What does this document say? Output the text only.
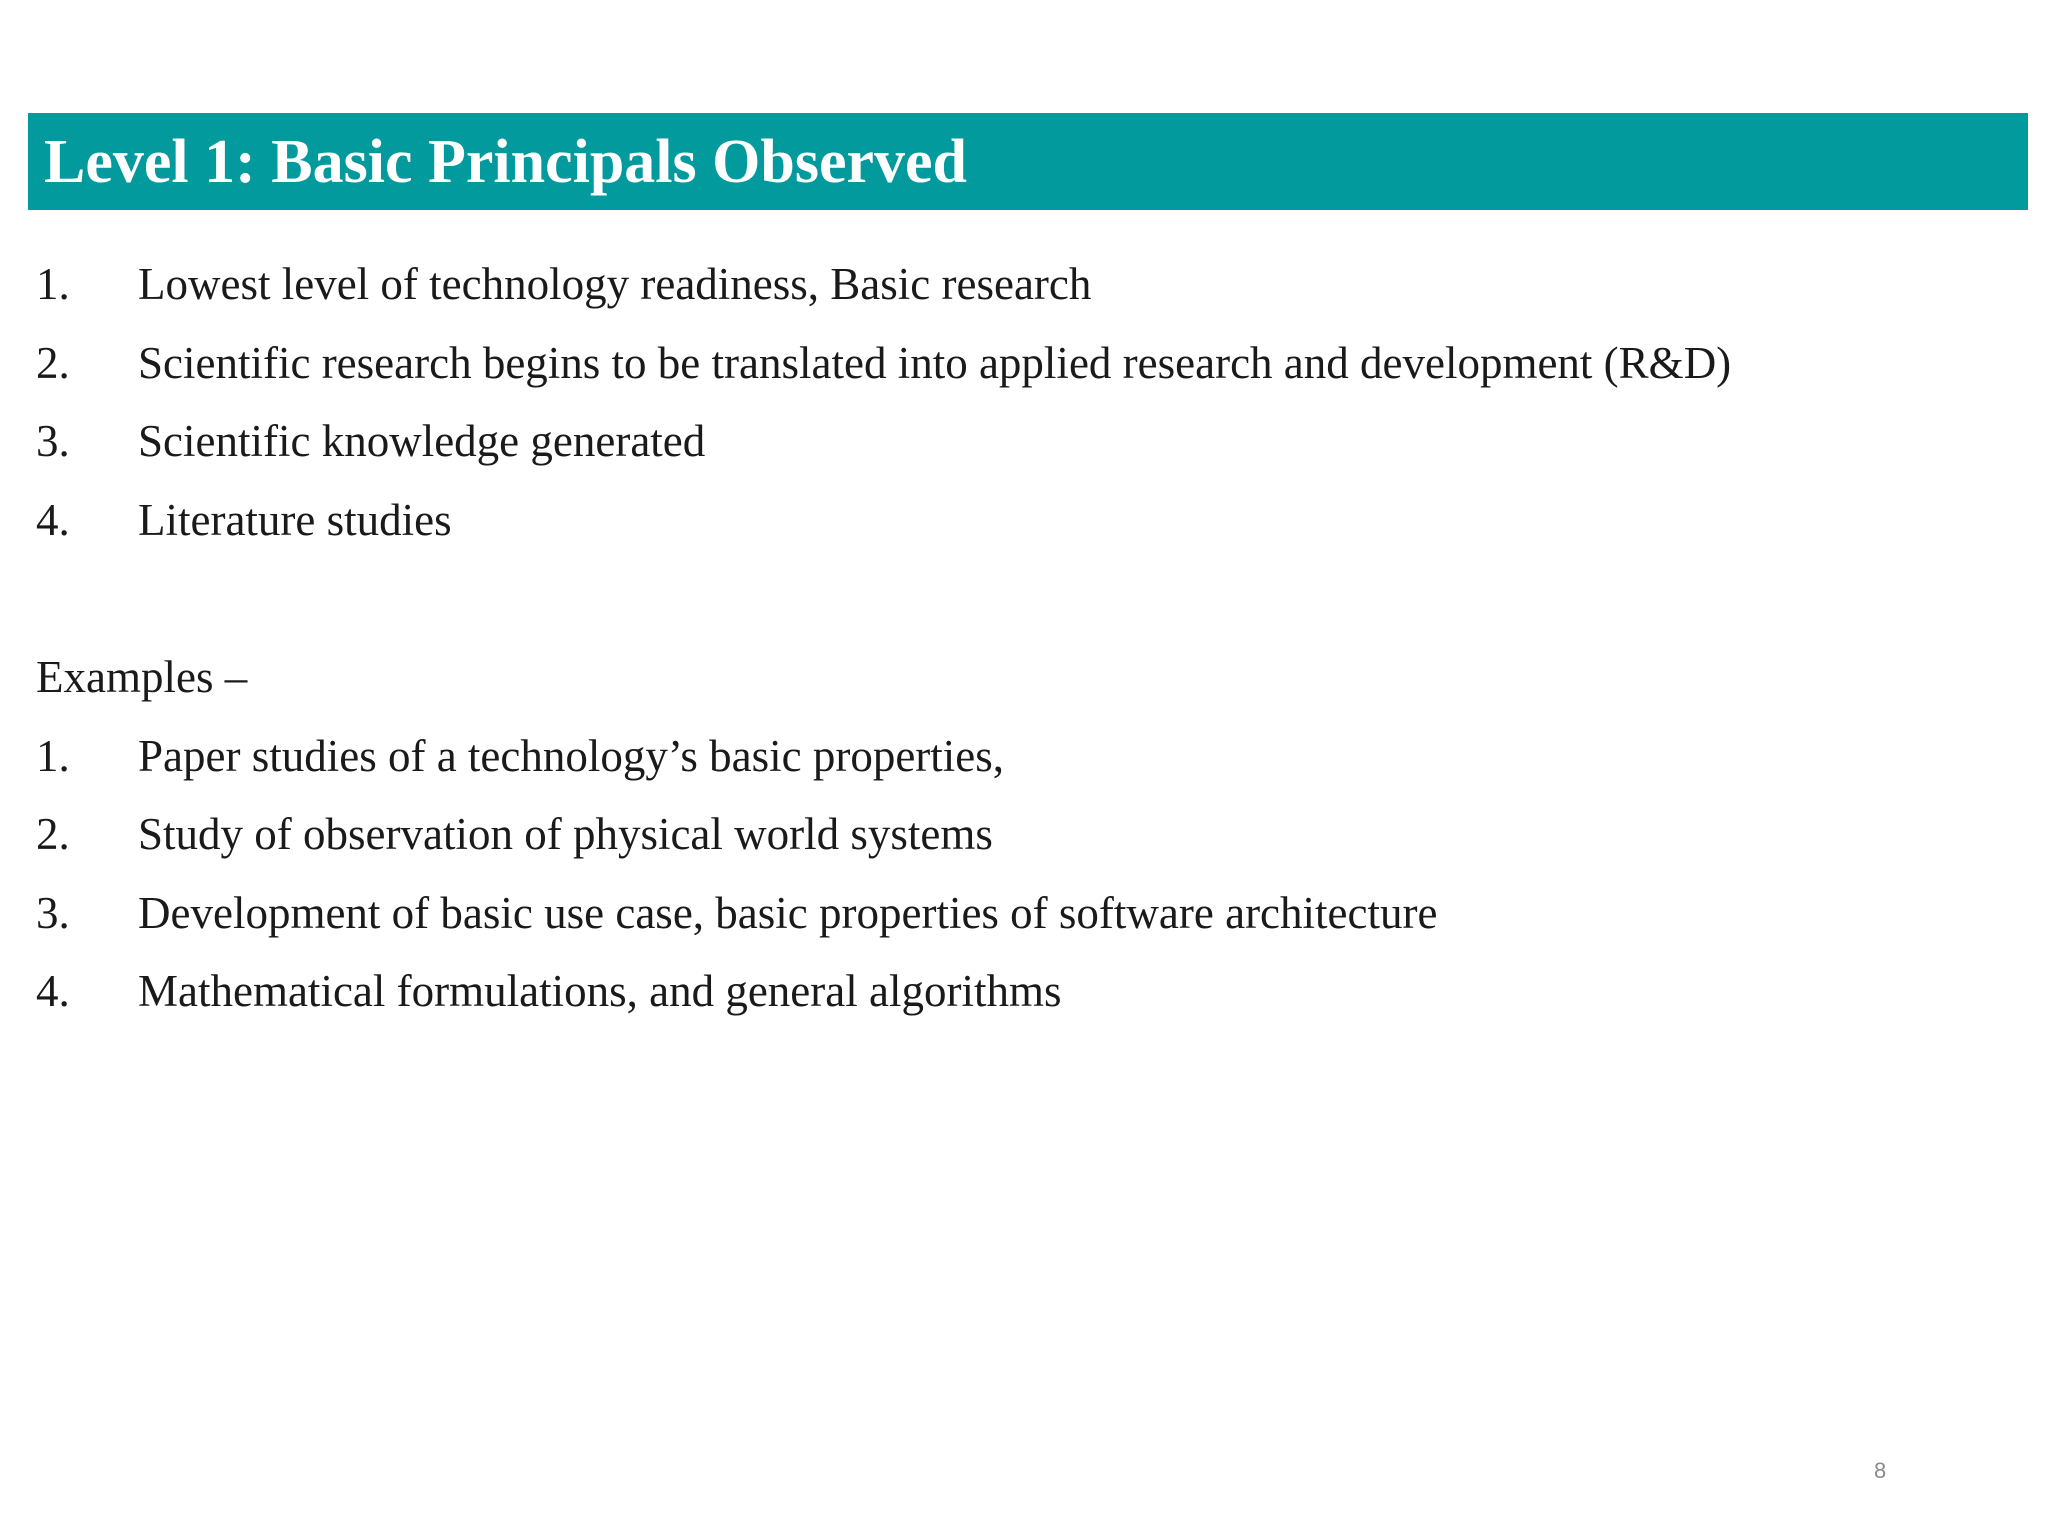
Level 1: Basic Principals Observed
1.	Lowest level of technology readiness, Basic research
2.	Scientific research begins to be translated into applied research and development (R&D)
3.	Scientific knowledge generated
4.	Literature studies
Examples –
1.	Paper studies of a technology’s basic properties,
2.	Study of observation of physical world systems
3.	Development of basic use case, basic properties of software architecture
4.	Mathematical formulations, and general algorithms
8
